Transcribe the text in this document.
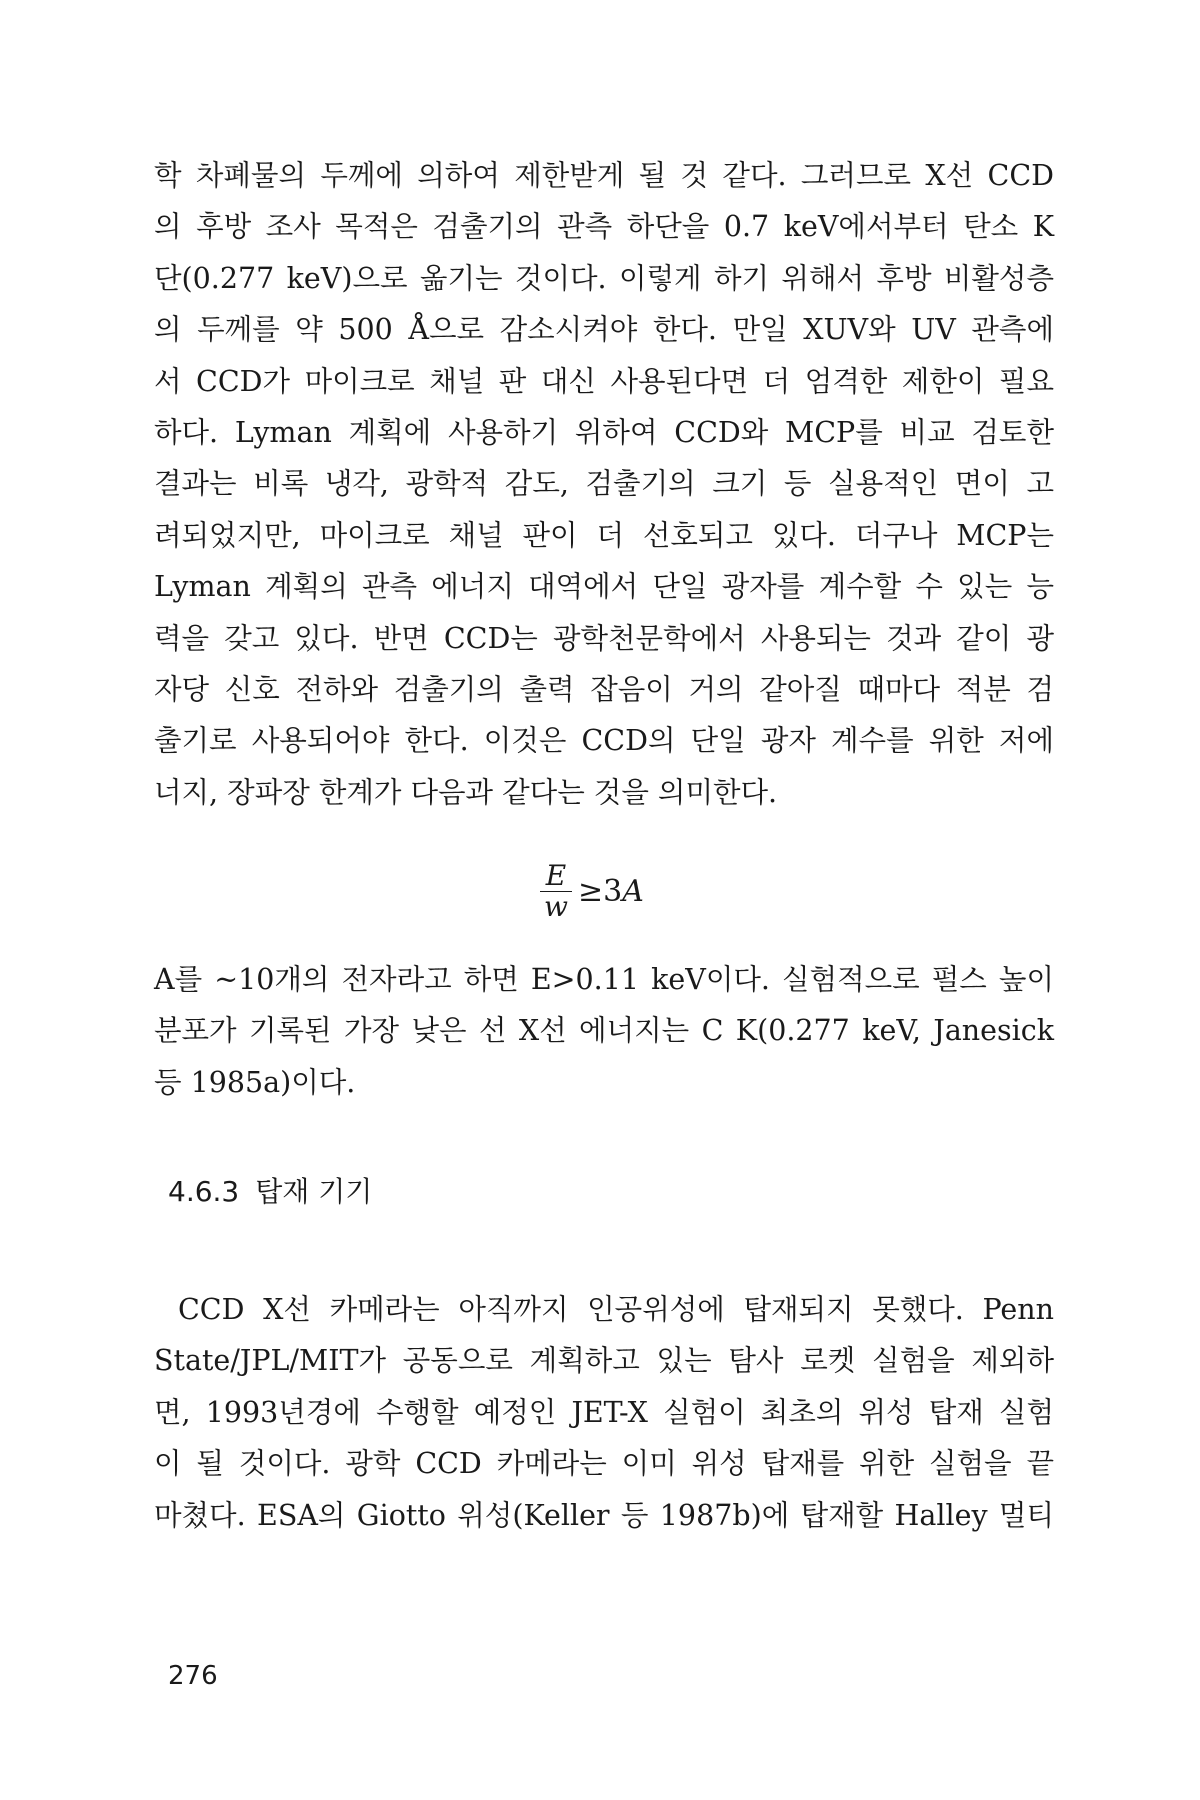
학 차폐물의 두께에 의하여 제한받게 될 것 같다. 그러므로 X선 CCD
의 후방 조사 목적은 검출기의 관측 하단을 0.7 keV에서부터 탄소 K
단(0.277 keV)으로 옮기는 것이다. 이렇게 하기 위해서 후방 비활성층
의 두께를 약 500 Å으로 감소시켜야 한다. 만일 XUV와 UV 관측에
서 CCD가 마이크로 채널 판 대신 사용된다면 더 엄격한 제한이 필요
하다. Lyman 계획에 사용하기 위하여 CCD와 MCP를 비교 검토한
결과는 비록 냉각, 광학적 감도, 검출기의 크기 등 실용적인 면이 고
려되었지만, 마이크로 채널 판이 더 선호되고 있다. 더구나 MCP는
Lyman 계획의 관측 에너지 대역에서 단일 광자를 계수할 수 있는 능
력을 갖고 있다. 반면 CCD는 광학천문학에서 사용되는 것과 같이 광
자당 신호 전하와 검출기의 출력 잡음이 거의 같아질 때마다 적분 검
출기로 사용되어야 한다. 이것은 CCD의 단일 광자 계수를 위한 저에
너지, 장파장 한계가 다음과 같다는 것을 의미한다.
$\frac{E}{w} \ge 3$ A
A를 ~10개의 전자라고 하면 E>0.11 keV이다. 실험적으로 펄스 높이
분포가 기록된 가장 낮은 선 X선 에너지는 C K(0.277 keV, Janesick
등 1985a)이다.
4.6.3 탑재 기기
CCD X선 카메라는 아직까지 인공위성에 탑재되지 못했다. Penn
State/JPL/MIT가 공동으로 계획하고 있는 탐사 로켓 실험을 제외하
면, 1993년경에 수행할 예정인 JET-X 실험이 최초의 위성 탑재 실험
이 될 것이다. 광학 CCD 카메라는 이미 위성 탑재를 위한 실험을 끝
마쳤다. ESA의 Giotto 위성(Keller 등 1987b)에 탑재할 Halley 멀티
276
